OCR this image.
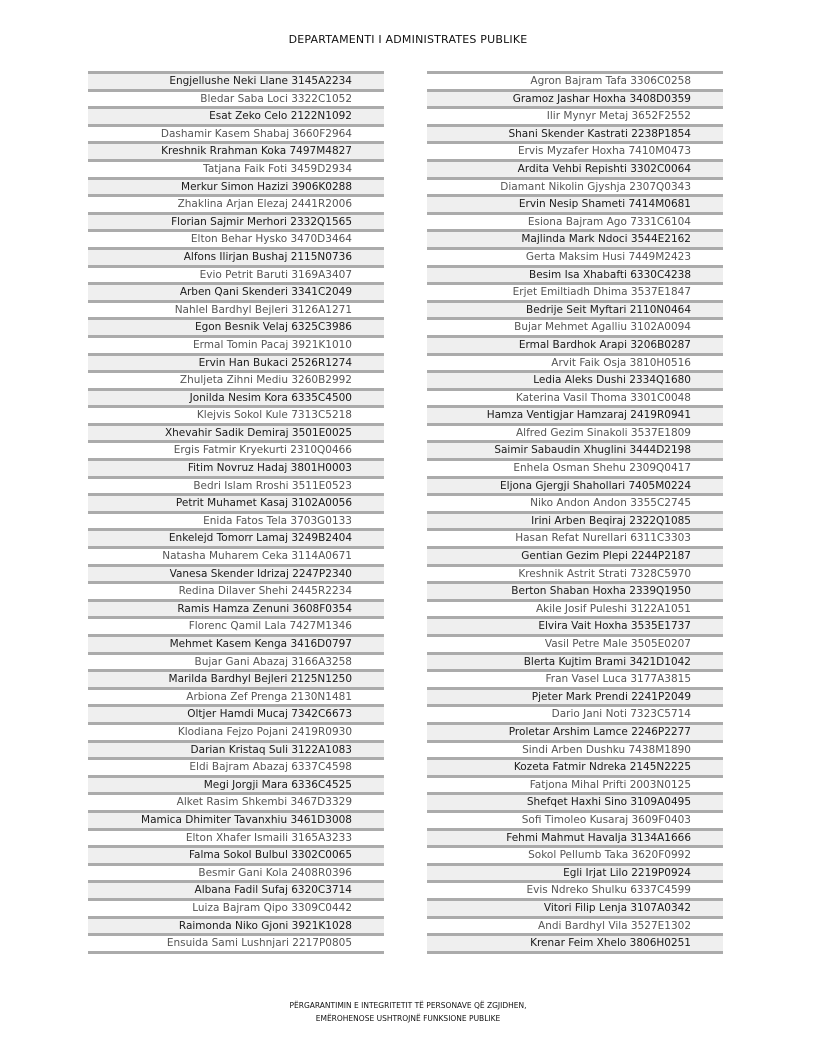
DEPARTAMENTI I ADMINISTRATES PUBLIKE
Engjellushe Neki Llane 3145A2234
Bledar Saba Loci 3322C1052
Esat Zeko Celo 2122N1092
Dashamir Kasem Shabaj 3660F2964
Kreshnik Rrahman Koka 7497M4827
Tatjana Faik Foti 3459D2934
Merkur Simon Hazizi 3906K0288
Zhaklina Arjan Elezaj 2441R2006
Florian Sajmir Merhori 2332Q1565
Elton Behar Hysko 3470D3464
Alfons Ilirjan Bushaj 2115N0736
Evio Petrit Baruti 3169A3407
Arben Qani Skenderi 3341C2049
Nahlel Bardhyl Bejleri 3126A1271
Egon Besnik Velaj 6325C3986
Ermal Tomin Pacaj 3921K1010
Ervin Han Bukaci 2526R1274
Zhuljeta Zihni Mediu 3260B2992
Jonilda Nesim Kora 6335C4500
Klejvis Sokol Kule 7313C5218
Xhevahir Sadik Demiraj 3501E0025
Ergis Fatmir Kryekurti 2310Q0466
Fitim Novruz Hadaj 3801H0003
Bedri Islam Rroshi 3511E0523
Petrit Muhamet Kasaj 3102A0056
Enida Fatos Tela 3703G0133
Enkelejd Tomorr Lamaj 3249B2404
Natasha Muharem Ceka 3114A0671
Vanesa Skender Idrizaj 2247P2340
Redina Dilaver Shehi 2445R2234
Ramis Hamza Zenuni 3608F0354
Florenc Qamil Lala 7427M1346
Mehmet Kasem Kenga 3416D0797
Bujar Gani Abazaj 3166A3258
Marilda Bardhyl Bejleri 2125N1250
Arbiona Zef Prenga 2130N1481
Oltjer Hamdi Mucaj 7342C6673
Klodiana Fejzo Pojani 2419R0930
Darian Kristaq Suli 3122A1083
Eldi Bajram Abazaj 6337C4598
Megi Jorgji Mara 6336C4525
Alket Rasim Shkembi 3467D3329
Mamica Dhimiter Tavanxhiu 3461D3008
Elton Xhafer Ismaili 3165A3233
Falma Sokol Bulbul 3302C0065
Besmir Gani Kola 2408R0396
Albana Fadil Sufaj 6320C3714
Luiza Bajram Qipo 3309C0442
Raimonda Niko Gjoni 3921K1028
Ensuida Sami Lushnjari 2217P0805
Agron Bajram Tafa 3306C0258
Gramoz Jashar Hoxha 3408D0359
Ilir Mynyr Metaj 3652F2552
Shani Skender Kastrati 2238P1854
Ervis Myzafer Hoxha 7410M0473
Ardita Vehbi Repishti 3302C0064
Diamant Nikolin Gjyshja 2307Q0343
Ervin Nesip Shameti 7414M0681
Esiona Bajram Ago 7331C6104
Majlinda Mark Ndoci 3544E2162
Gerta Maksim Husi 7449M2423
Besim Isa Xhabafti 6330C4238
Erjet Emiltiadh Dhima 3537E1847
Bedrije Seit Myftari 2110N0464
Bujar Mehmet Agalliu 3102A0094
Ermal Bardhok Arapi 3206B0287
Arvit Faik Osja 3810H0516
Ledia Aleks Dushi 2334Q1680
Katerina Vasil Thoma 3301C0048
Hamza Ventigjar Hamzaraj 2419R0941
Alfred Gezim Sinakoli 3537E1809
Saimir Sabaudin Xhuglini 3444D2198
Enhela Osman Shehu 2309Q0417
Eljona Gjergji Shahollari 7405M0224
Niko Andon Andon 3355C2745
Irini Arben Beqiraj 2322Q1085
Hasan Refat Nurellari 6311C3303
Gentian Gezim Plepi 2244P2187
Kreshnik Astrit Strati 7328C5970
Berton Shaban Hoxha 2339Q1950
Akile Josif Puleshi 3122A1051
Elvira Vait Hoxha 3535E1737
Vasil Petre Male 3505E0207
Blerta Kujtim Brami 3421D1042
Fran Vasel Luca 3177A3815
Pjeter Mark Prendi 2241P2049
Dario Jani Noti 7323C5714
Proletar Arshim Lamce 2246P2277
Sindi Arben Dushku 7438M1890
Kozeta Fatmir Ndreka 2145N2225
Fatjona Mihal Prifti 2003N0125
Shefqet Haxhi Sino 3109A0495
Sofi Timoleo Kusaraj 3609F0403
Fehmi Mahmut Havalja 3134A1666
Sokol Pellumb Taka 3620F0992
Egli Irjat Lilo 2219P0924
Evis Ndreko Shulku 6337C4599
Vitori Filip Lenja 3107A0342
Andi Bardhyl Vila 3527E1302
Krenar Feim Xhelo 3806H0251
PËRGARANTIMIN E INTEGRITETIT TË PERSONAVE QË ZGJIDHEN,
EMËROHENOSE USHTROJNË FUNKSIONE PUBLIKE
